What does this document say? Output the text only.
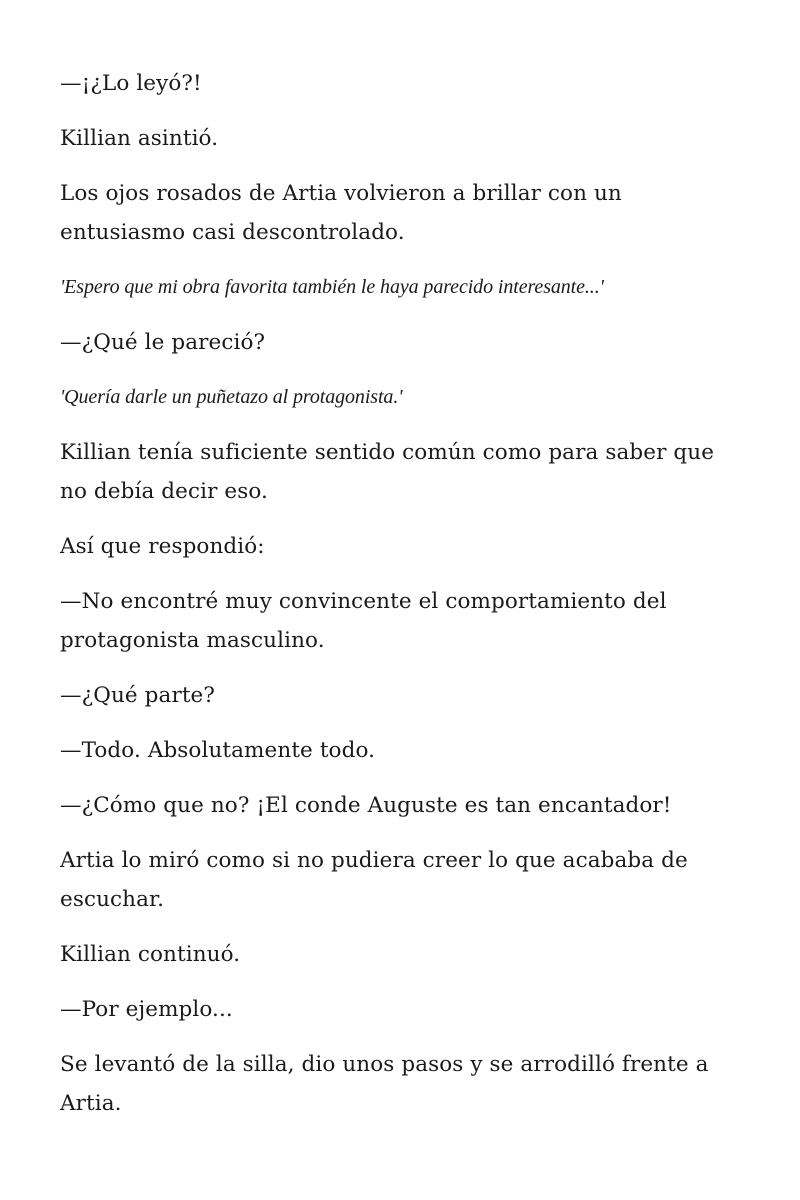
—¡¿Lo leyó?!

Killian asintió.

Los ojos rosados de Artia volvieron a brillar con un entusiasmo casi descontrolado.

'Espero que mi obra favorita también le haya parecido interesante...'

—¿Qué le pareció?

'Quería darle un puñetazo al protagonista.'

Killian tenía suficiente sentido común como para saber que no debía decir eso.

Así que respondió:

—No encontré muy convincente el comportamiento del protagonista masculino.

—¿Qué parte?

—Todo. Absolutamente todo.

—¿Cómo que no? ¡El conde Auguste es tan encantador!

Artia lo miró como si no pudiera creer lo que acababa de escuchar.

Killian continuó.

—Por ejemplo...

Se levantó de la silla, dio unos pasos y se arrodilló frente a Artia.
